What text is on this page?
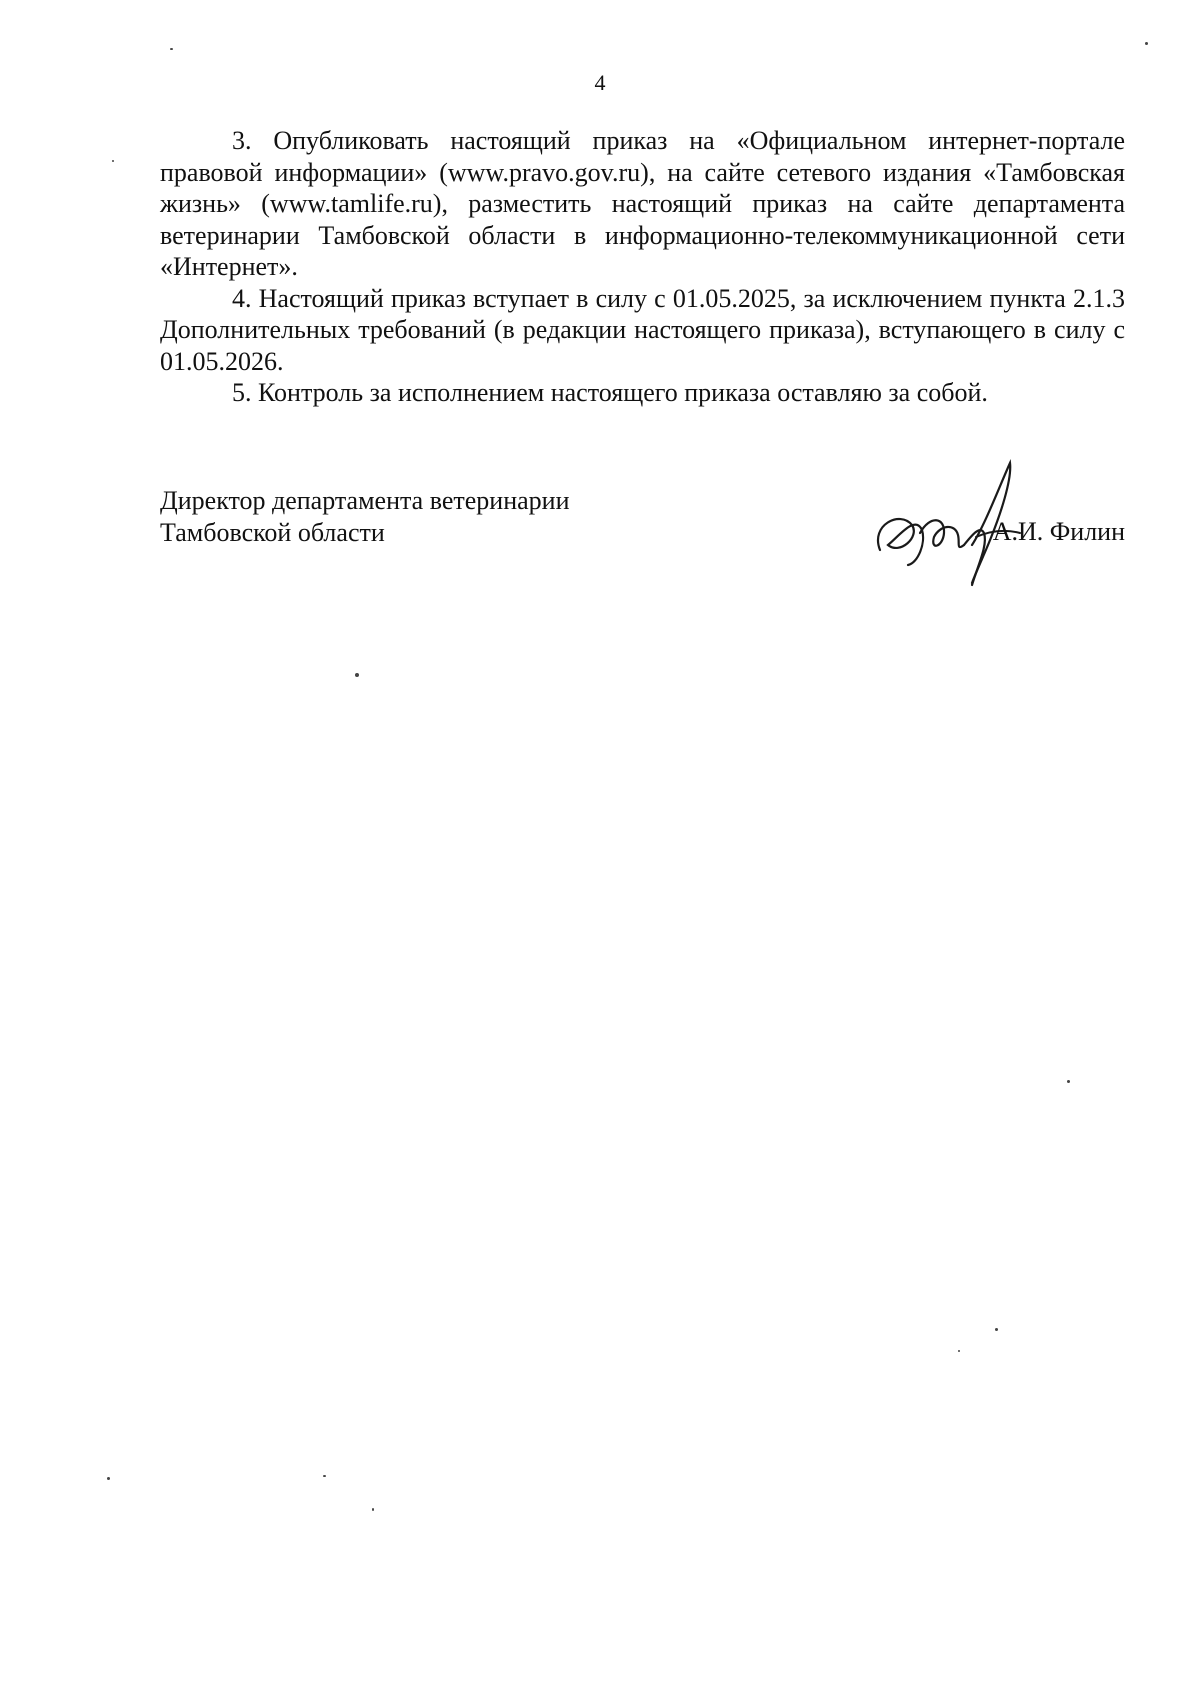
4

3. Опубликовать настоящий приказ на «Официальном интернет-портале правовой информации» (www.pravo.gov.ru), на сайте сетевого издания «Тамбовская жизнь» (www.tamlife.ru), разместить настоящий приказ на сайте департамента ветеринарии Тамбовской области в информационно-телекоммуникационной сети «Интернет».

4. Настоящий приказ вступает в силу с 01.05.2025, за исключением пункта 2.1.3 Дополнительных требований (в редакции настоящего приказа), вступающего в силу с 01.05.2026.

5. Контроль за исполнением настоящего приказа оставляю за собой.

Директор департамента ветеринарии
Тамбовской области	А.И. Филин
